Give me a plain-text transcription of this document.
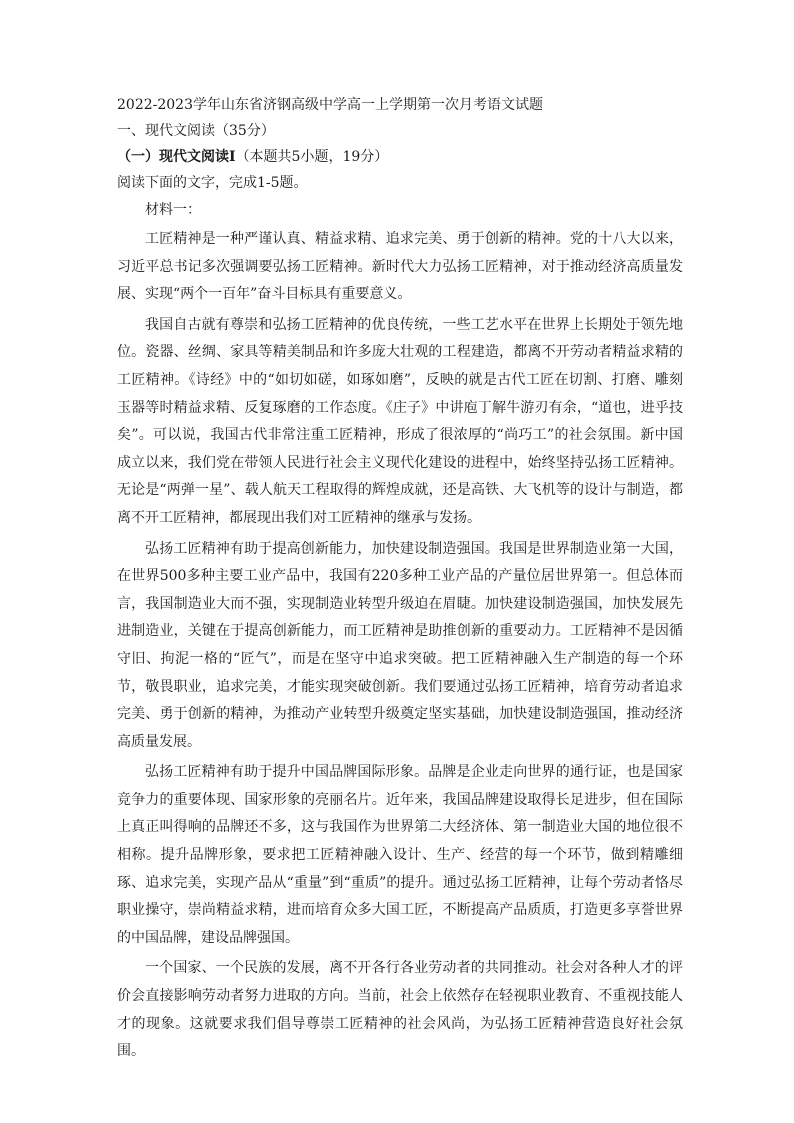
2022-2023学年山东省济钢高级中学高一上学期第一次月考语文试题
一、现代文阅读（35分）
（一）现代文阅读Ⅰ（本题共5小题，19分）
阅读下面的文字，完成1-5题。
材料一：

工匠精神是一种严谨认真、精益求精、追求完美、勇于创新的精神。党的十八大以来，习近平总书记多次强调要弘扬工匠精神。新时代大力弘扬工匠精神，对于推动经济高质量发展、实现“两个一百年”奋斗目标具有重要意义。

我国自古就有尊崇和弘扬工匠精神的优良传统，一些工艺水平在世界上长期处于领先地位。瓷器、丝绸、家具等精美制品和许多庞大壮观的工程建造，都离不开劳动者精益求精的工匠精神。《诗经》中的“如切如磋，如琢如磨”，反映的就是古代工匠在切割、打磨、雕刻玉器等时精益求精、反复琢磨的工作态度。《庄子》中讲庖丁解牛游刃有余，“道也，进乎技矣”。可以说，我国古代非常注重工匠精神，形成了很浓厚的“尚巧工”的社会氛围。新中国成立以来，我们党在带领人民进行社会主义现代化建设的进程中，始终坚持弘扬工匠精神。无论是“两弹一星”、载人航天工程取得的辉煌成就，还是高铁、大飞机等的设计与制造，都离不开工匠精神，都展现出我们对工匠精神的继承与发扬。

弘扬工匠精神有助于提高创新能力，加快建设制造强国。我国是世界制造业第一大国，在世界500多种主要工业产品中，我国有220多种工业产品的产量位居世界第一。但总体而言，我国制造业大而不强，实现制造业转型升级迫在眉睫。加快建设制造强国，加快发展先进制造业，关键在于提高创新能力，而工匠精神是助推创新的重要动力。工匠精神不是因循守旧、拘泥一格的“匠气”，而是在坚守中追求突破。把工匠精神融入生产制造的每一个环节，敬畏职业，追求完美，才能实现突破创新。我们要通过弘扬工匠精神，培育劳动者追求完美、勇于创新的精神，为推动产业转型升级奠定坚实基础，加快建设制造强国，推动经济高质量发展。

弘扬工匠精神有助于提升中国品牌国际形象。品牌是企业走向世界的通行证，也是国家竞争力的重要体现、国家形象的亮丽名片。近年来，我国品牌建设取得长足进步，但在国际上真正叫得响的品牌还不多，这与我国作为世界第二大经济体、第一制造业大国的地位很不相称。提升品牌形象，要求把工匠精神融入设计、生产、经营的每一个环节，做到精雕细琢、追求完美，实现产品从“重量”到“重质”的提升。通过弘扬工匠精神，让每个劳动者恪尽职业操守，崇尚精益求精，进而培育众多大国工匠，不断提高产品质质，打造更多享誉世界的中国品牌，建设品牌强国。

一个国家、一个民族的发展，离不开各行各业劳动者的共同推动。社会对各种人才的评价会直接影响劳动者努力进取的方向。当前，社会上依然存在轻视职业教育、不重视技能人才的现象。这就要求我们倡导尊崇工匠精神的社会风尚，为弘扬工匠精神营造良好社会氛围。
